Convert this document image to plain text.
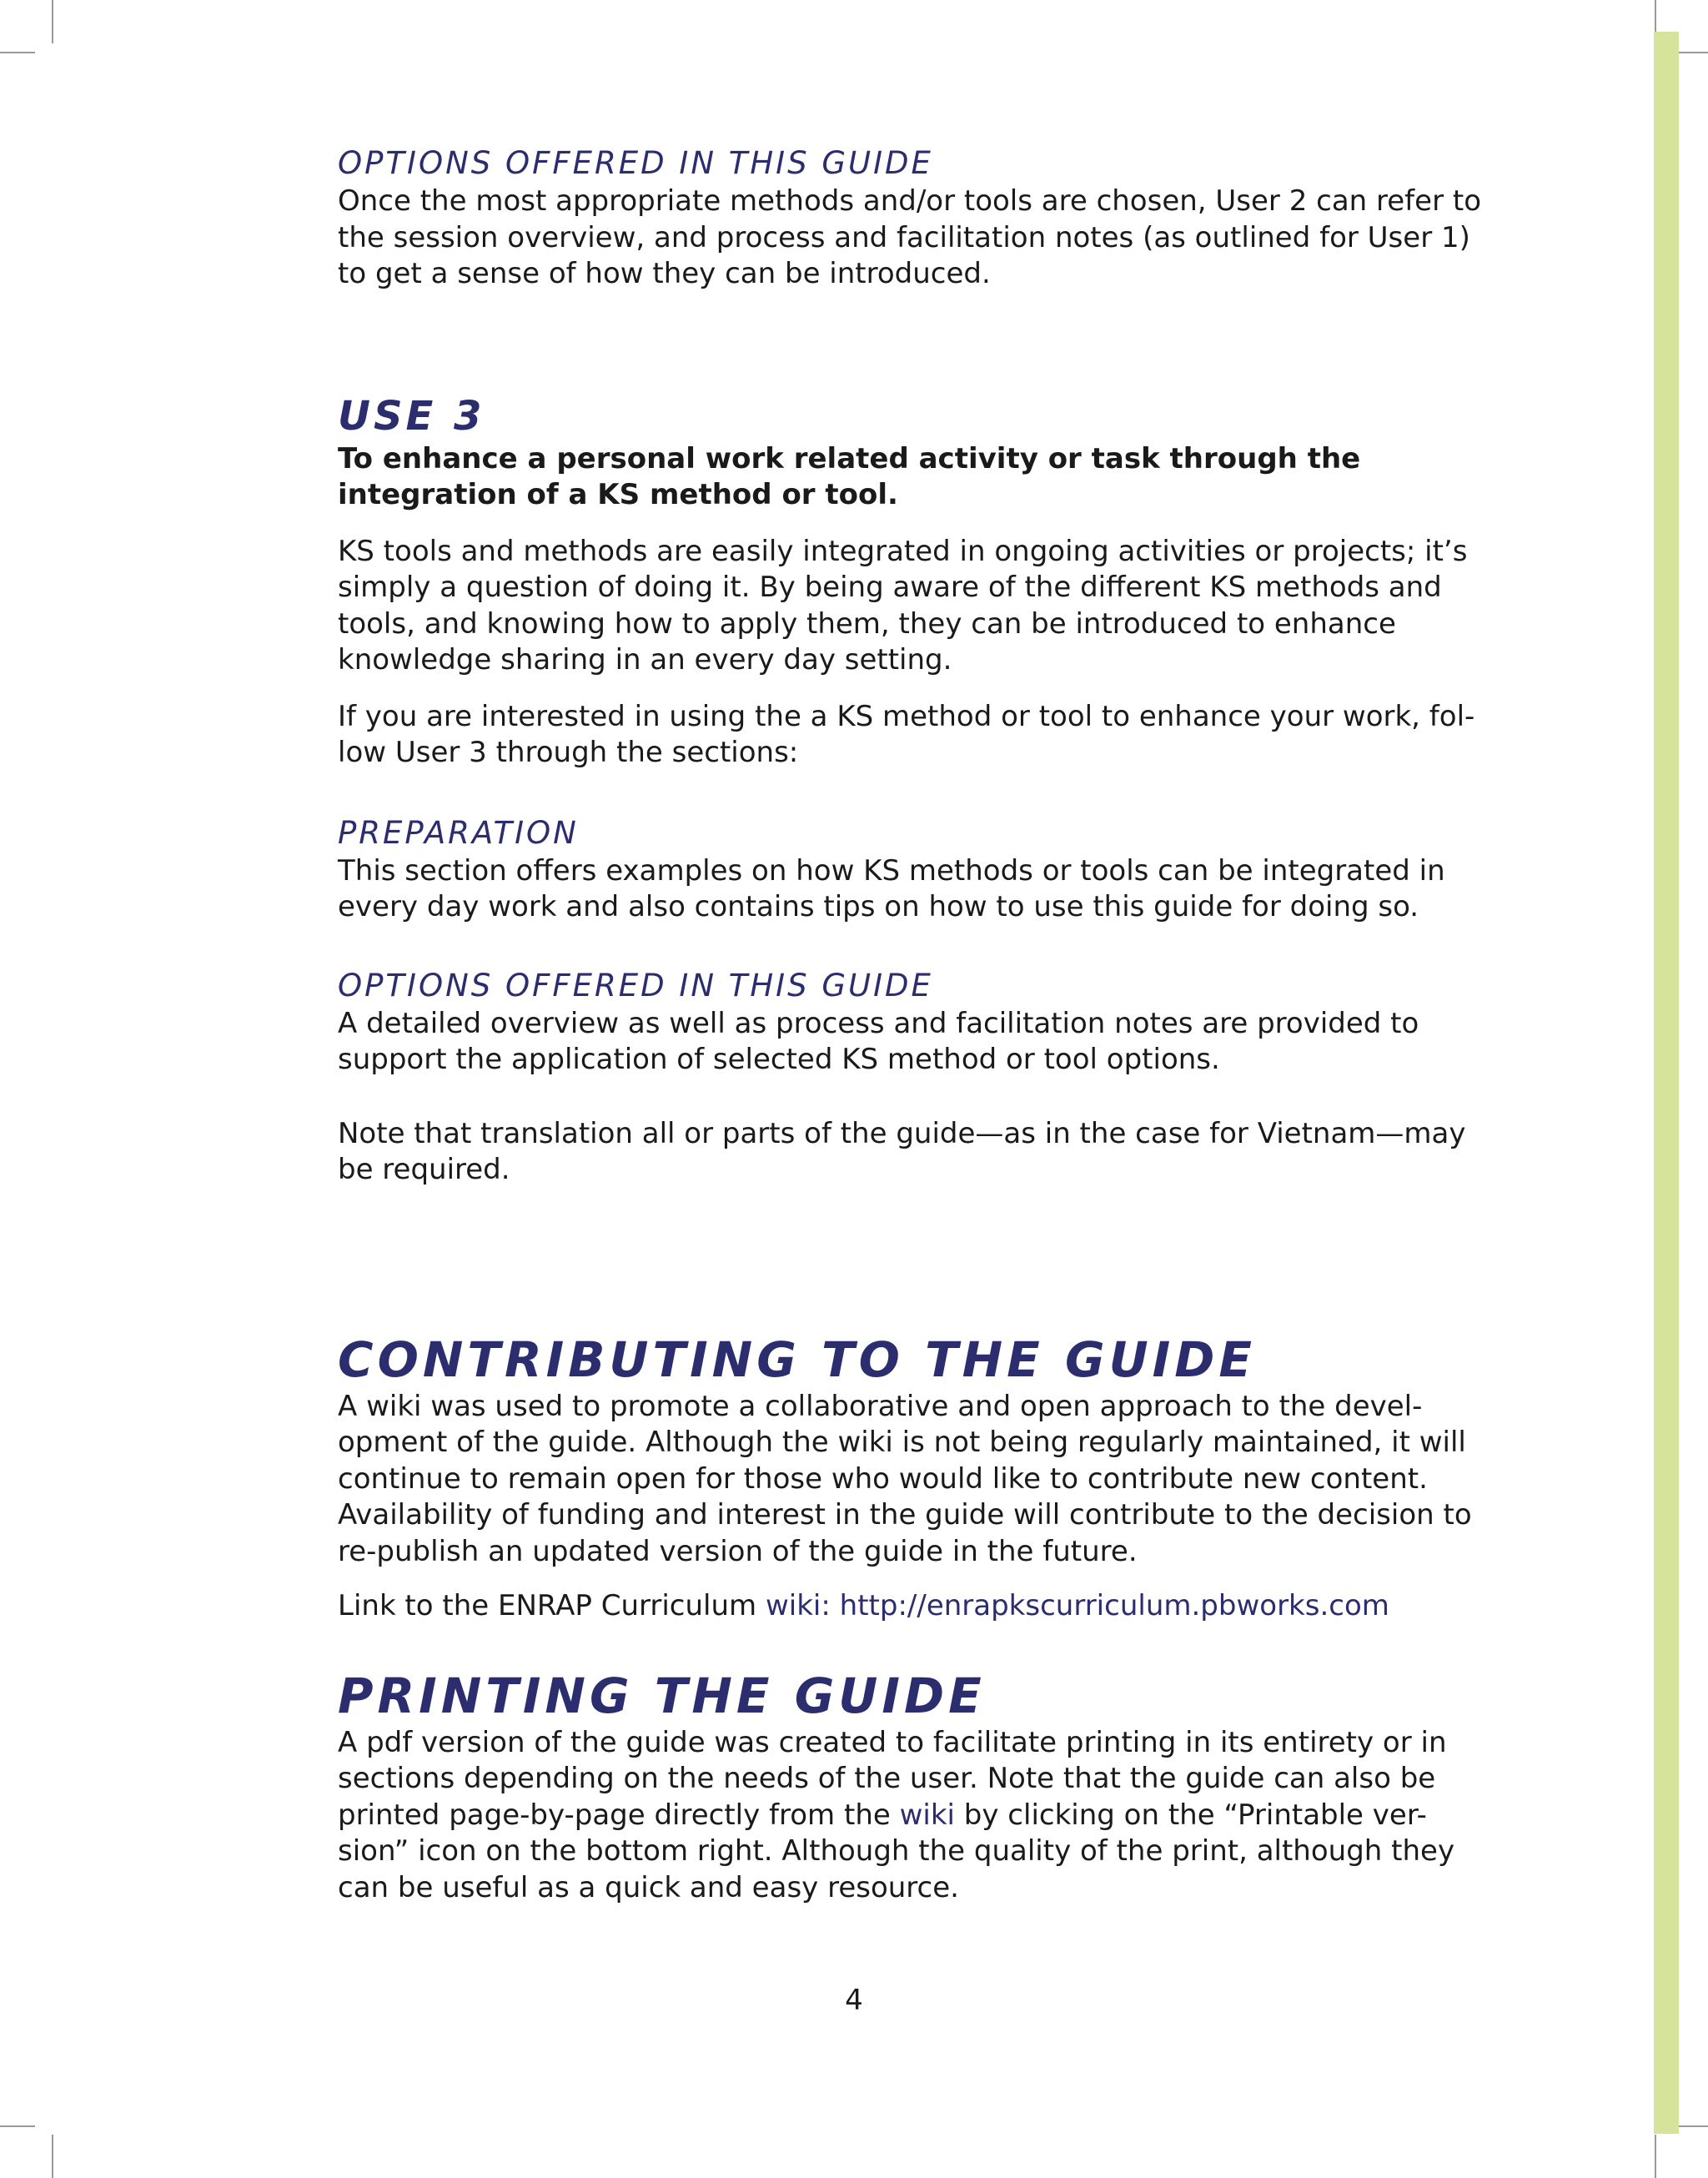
OPTIONS OFFERED IN THIS GUIDE

Once the most appropriate methods and/or tools are chosen, User 2 can refer to the session overview, and process and facilitation notes (as outlined for User 1) to get a sense of how they can be introduced.

USE 3

To enhance a personal work related activity or task through the integration of a KS method or tool.

KS tools and methods are easily integrated in ongoing activities or projects; it’s simply a question of doing it. By being aware of the different KS methods and tools, and knowing how to apply them, they can be introduced to enhance knowledge sharing in an every day setting.

If you are interested in using the a KS method or tool to enhance your work, fol-low User 3 through the sections:

PREPARATION

This section offers examples on how KS methods or tools can be integrated in every day work and also contains tips on how to use this guide for doing so.

OPTIONS OFFERED IN THIS GUIDE

A detailed overview as well as process and facilitation notes are provided to support the application of selected KS method or tool options.

Note that translation all or parts of the guide—as in the case for Vietnam—may be required.

CONTRIBUTING TO THE GUIDE

A wiki was used to promote a collaborative and open approach to the devel-opment of the guide. Although the wiki is not being regularly maintained, it will continue to remain open for those who would like to contribute new content. Availability of funding and interest in the guide will contribute to the decision to re-publish an updated version of the guide in the future.

Link to the ENRAP Curriculum wiki: http://enrapkscurriculum.pbworks.com

PRINTING THE GUIDE

A pdf version of the guide was created to facilitate printing in its entirety or in sections depending on the needs of the user. Note that the guide can also be printed page-by-page directly from the wiki by clicking on the “Printable ver-sion” icon on the bottom right. Although the quality of the print, although they can be useful as a quick and easy resource.

4
